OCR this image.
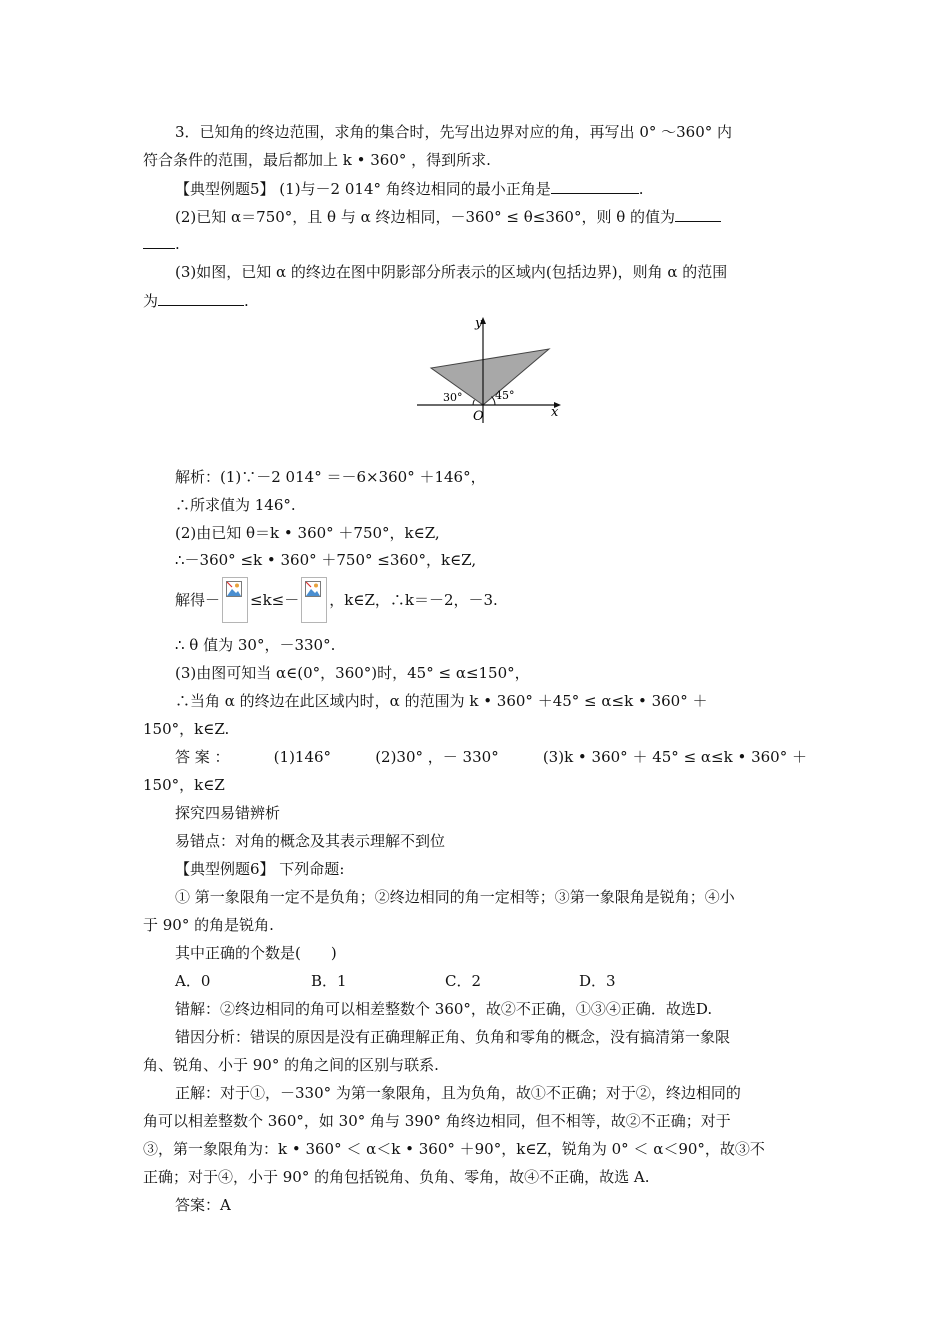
3．已知角的终边范围，求角的集合时，先写出边界对应的角，再写出 0° ～360° 内
符合条件的范围，最后都加上 k • 360° ，得到所求.
【典型例题5】 (1)与－2 014° 角终边相同的最小正角是	.
(2)已知 α＝750°，且 θ 与 α 终边相同，－360° ≤ θ≤360°，则 θ 的值为
.
(3)如图，已知 α 的终边在图中阴影部分所表示的区域内(包括边界)，则角 α 的范围
为	.
y
x
O
30°	45°
解析：(1)∵－2 014° ＝－6×360° ＋146°，
∴所求值为 146°.
(2)由已知 θ＝k • 360° ＋750°，k∈Z,
∴－360° ≤k • 360° ＋750° ≤360°，k∈Z,
解得－ ≤k≤－ ，k∈Z，∴k＝－2，－3.
∴ θ 值为 30°，－330°.
(3)由图可知当 α∈(0°，360°)时，45° ≤ α≤150°，
∴当角 α 的终边在此区域内时，α 的范围为 k • 360° ＋45° ≤ α≤k • 360° ＋
150°，k∈Z.
答 案 ：	(1)146°	(2)30° ，－ 330°	(3)k • 360° ＋ 45° ≤ α≤k • 360° ＋
150°，k∈Z
探究四易错辨析
易错点：对角的概念及其表示理解不到位
【典型例题6】 下列命题:
① 第一象限角一定不是负角；②终边相同的角一定相等；③第一象限角是锐角；④小
于 90° 的角是锐角.
其中正确的个数是(　　)
A．0	B．1	C．2	D．3
错解：②终边相同的角可以相差整数个 360°，故②不正确，①③④正确．故选D.
错因分析：错误的原因是没有正确理解正角、负角和零角的概念，没有搞清第一象限
角、锐角、小于 90° 的角之间的区别与联系.
正解：对于①，－330° 为第一象限角，且为负角，故①不正确；对于②，终边相同的
角可以相差整数个 360°，如 30° 角与 390° 角终边相同，但不相等，故②不正确；对于
③，第一象限角为：k • 360° ＜ α＜k • 360° ＋90°，k∈Z，锐角为 0° ＜ α＜90°，故③不
正确；对于④，小于 90° 的角包括锐角、负角、零角，故④不正确，故选 A.
答案：A
